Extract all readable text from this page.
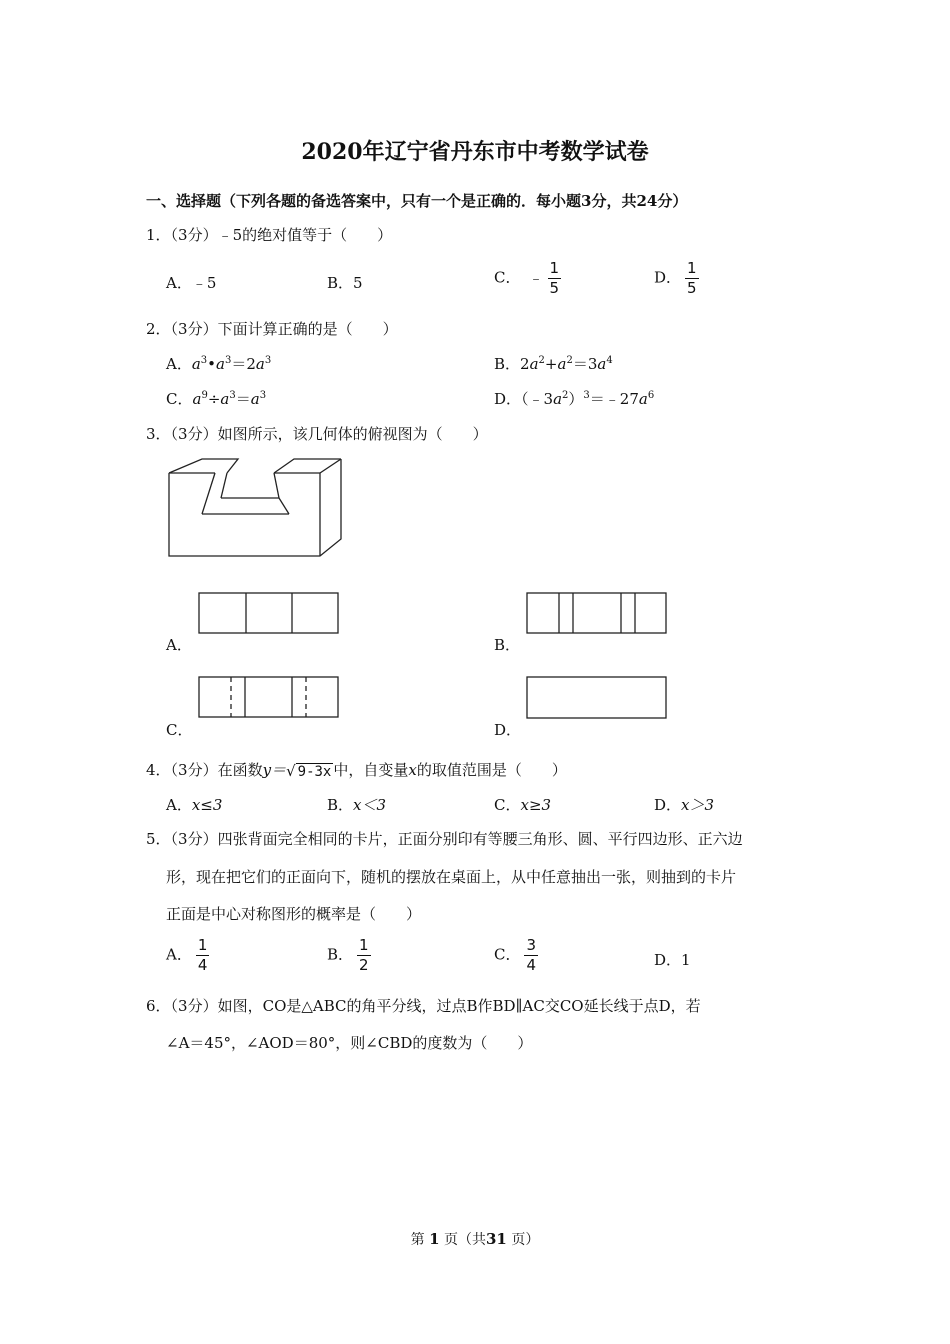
2020年辽宁省丹东市中考数学试卷
一、选择题（下列各题的备选答案中，只有一个是正确的．每小题3分，共24分）
1．（3分）﹣5的绝对值等于（　　）
A．﹣5	B．5	C． ﹣ $\frac{1}{5}$	D． $\frac{1}{5}$
2．（3分）下面计算正确的是（　　）
A．$a^3•a^3=2a^3$	B．$2a^2+a^2=3a^4$
C．$a^9\div a^3=a^3$	D．$(﹣3a^2)^3=﹣27a^6$
3．（3分）如图所示，该几何体的俯视图为（　　）
A．	B．
C．	D．
4．（3分）在函数y＝ √ 9-3x 中，自变量x的取值范围是（　　）
A．x≤3	B．x＜3	C．x≥3	D．x＞3
5．（3分）四张背面完全相同的卡片，正面分别印有等腰三角形、圆、平行四边形、正六边
形，现在把它们的正面向下，随机的摆放在桌面上，从中任意抽出一张，则抽到的卡片
正面是中心对称图形的概率是（　　）
A． $\frac{1}{4}$	B． $\frac{1}{2}$	C． $\frac{3}{4}$	D．1
6．（3分）如图，CO是△ABC的角平分线，过点B作BD∥AC交CO延长线于点D，若
∠A＝45°，∠AOD＝80°，则∠CBD的度数为（　　）
第 1 页（共31 页）
